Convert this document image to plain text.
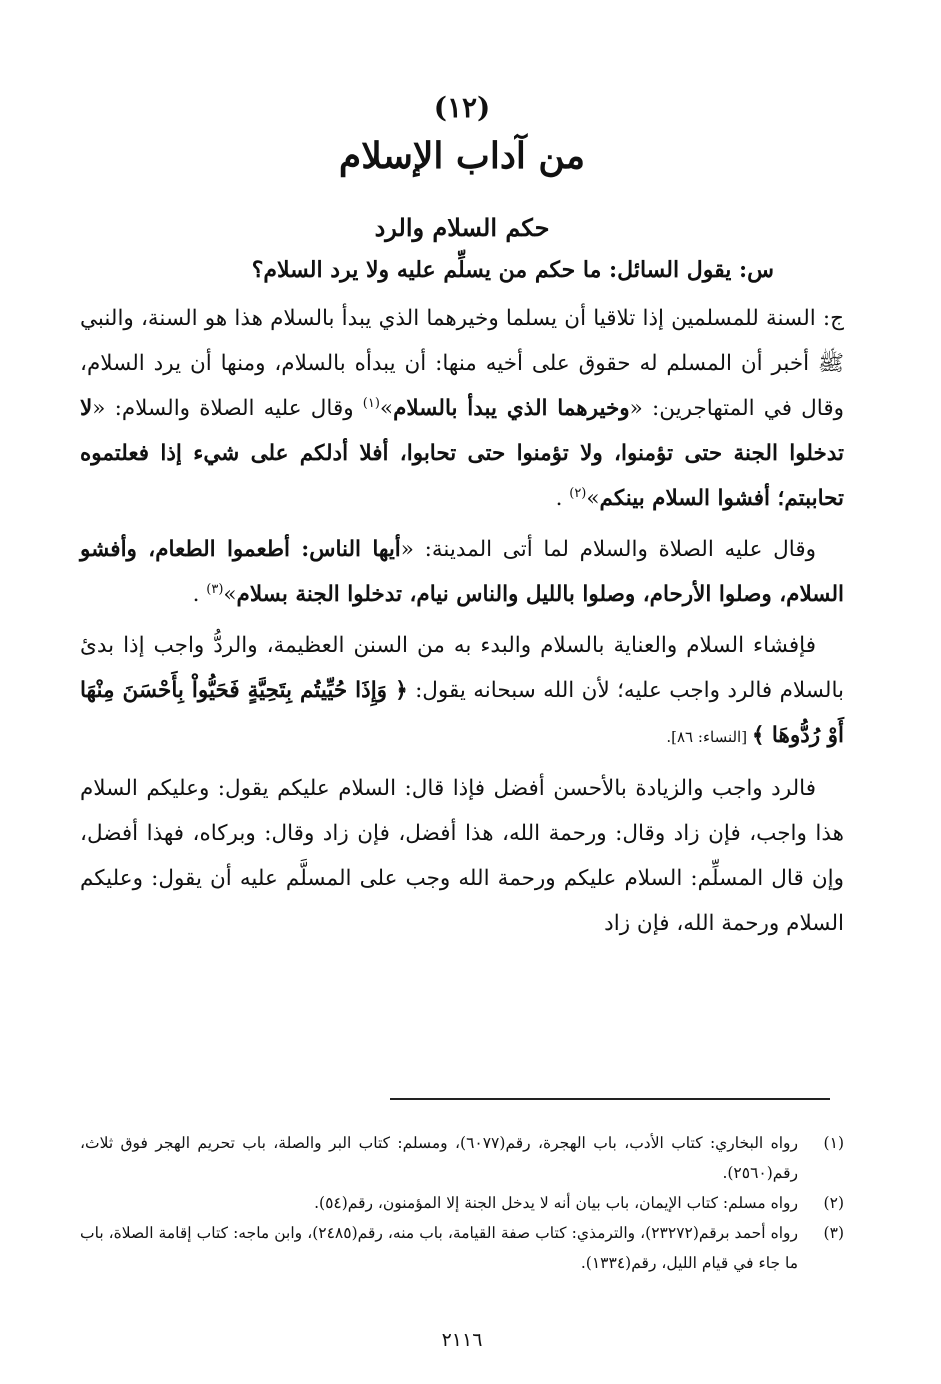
(١٢)
من آداب الإسلام
حكم السلام والرد
س: يقول السائل: ما حكم من يسلِّم عليه ولا يرد السلام؟

ج: السنة للمسلمين إذا تلاقيا أن يسلما وخيرهما الذي يبدأ بالسلام هذا هو السنة، والنبي ﷺ أخبر أن المسلم له حقوق على أخيه منها: أن يبدأه بالسلام، ومنها أن يرد السلام، وقال في المتهاجرين: «وخيرهما الذي يبدأ بالسلام»$^{(١)}$ وقال عليه الصلاة والسلام: «لا تدخلوا الجنة حتى تؤمنوا، ولا تؤمنوا حتى تحابوا، أفلا أدلكم على شيء إذا فعلتموه تحاببتم؛ أفشوا السلام بينكم»$^{(٢)}$ .

وقال عليه الصلاة والسلام لما أتى المدينة: «أيها الناس: أطعموا الطعام، وأفشو السلام، وصلوا الأرحام، وصلوا بالليل والناس نيام، تدخلوا الجنة بسلام»$^{(٣)}$ .

فإفشاء السلام والعناية بالسلام والبدء به من السنن العظيمة، والردُّ واجب إذا بدئ بالسلام فالرد واجب عليه؛ لأن الله سبحانه يقول: ﴿ وَإِذَا حُيِّيتُم بِتَحِيَّةٍ فَحَيُّواْ بِأَحْسَنَ مِنْهَا أَوْ رُدُّوهَا ﴾ [النساء: ٨٦].

فالرد واجب والزيادة بالأحسن أفضل فإذا قال: السلام عليكم يقول: وعليكم السلام هذا واجب، فإن زاد وقال: ورحمة الله، هذا أفضل، فإن زاد وقال: وبركاه، فهذا أفضل، وإن قال المسلِّم: السلام عليكم ورحمة الله وجب على المسلَّم عليه أن يقول: وعليكم السلام ورحمة الله، فإن زاد

(١)
رواه البخاري: كتاب الأدب، باب الهجرة، رقم(٦٠٧٧)، ومسلم: كتاب البر والصلة، باب تحريم الهجر فوق ثلاث، رقم(٢٥٦٠).
(٢)
رواه مسلم: كتاب الإيمان، باب بيان أنه لا يدخل الجنة إلا المؤمنون، رقم(٥٤).
(٣)
رواه أحمد برقم(٢٣٢٧٢)، والترمذي: كتاب صفة القيامة، باب منه، رقم(٢٤٨٥)، وابن ماجه: كتاب إقامة الصلاة، باب ما جاء في قيام الليل، رقم(١٣٣٤).
٢١١٦
